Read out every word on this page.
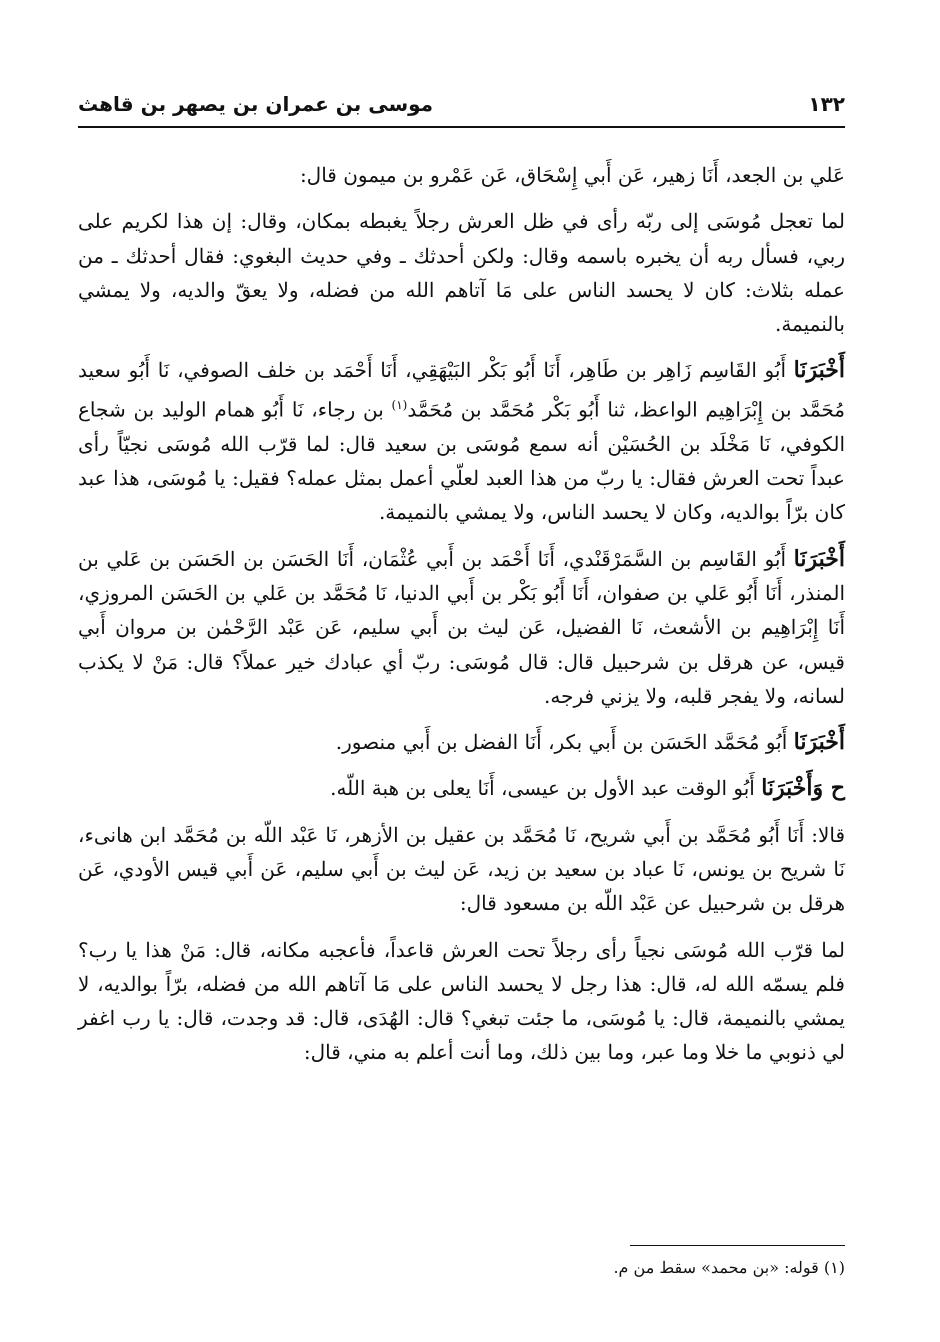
موسى بن عمران بن يصهر بن قاهث	١٣٢

عَلي بن الجعد، أَنَا زهير، عَن أَبي إِسْحَاق، عَن عَمْرو بن ميمون قال:

لما تعجل مُوسَى إلى ربّه رأى في ظل العرش رجلاً يغبطه بمكان، وقال: إن هذا لكريم على ربي، فسأل ربه أن يخبره باسمه وقال: ولكن أحدثك ـ وفي حديث البغوي: فقال أحدثك ـ من عمله بثلاث: كان لا يحسد الناس على مَا آتاهم الله من فضله، ولا يعقّ والديه، ولا يمشي بالنميمة.

أَخْبَرَنَا أَبُو القَاسِم زَاهِر بن طَاهِر، أَنَا أَبُو بَكْر البَيْهَقِي، أَنَا أَحْمَد بن خلف الصوفي، نَا أَبُو سعيد مُحَمَّد بن إِبْرَاهِيم الواعظ، ثنا أَبُو بَكْر مُحَمَّد بن مُحَمَّد$^{(١)}$ بن رجاء، نَا أَبُو همام الوليد بن شجاع الكوفي، نَا مَخْلَد بن الحُسَيْن أنه سمع مُوسَى بن سعيد قال: لما قرّب الله مُوسَى نجيّاً رأى عبداً تحت العرش فقال: يا ربّ من هذا العبد لعلّي أعمل بمثل عمله؟ فقيل: يا مُوسَى، هذا عبد كان برّاً بوالديه، وكان لا يحسد الناس، ولا يمشي بالنميمة.

أَخْبَرَنَا أَبُو القَاسِم بن السَّمَرْقَنْدي، أَنَا أَحْمَد بن أَبي عُثْمَان، أَنَا الحَسَن بن الحَسَن بن عَلي بن المنذر، أَنَا أَبُو عَلي بن صفوان، أَنَا أَبُو بَكْر بن أَبي الدنيا، نَا مُحَمَّد بن عَلي بن الحَسَن المروزي، أَنَا إِبْرَاهِيم بن الأشعث، نَا الفضيل، عَن ليث بن أَبي سليم، عَن عَبْد الرَّحْمٰن بن مروان أَبي قيس، عن هرقل بن شرحبيل قال: قال مُوسَى: ربّ أي عبادك خير عملاً؟ قال: مَنْ لا يكذب لسانه، ولا يفجر قلبه، ولا يزني فرجه.

أَخْبَرَنَا أَبُو مُحَمَّد الحَسَن بن أَبي بكر، أَنَا الفضل بن أَبي منصور.

ح وَأَخْبَرَنَا أَبُو الوقت عبد الأول بن عيسى، أَنَا يعلى بن هبة اللّه.

قالا: أَنَا أَبُو مُحَمَّد بن أَبي شريح، نَا مُحَمَّد بن عقيل بن الأزهر، نَا عَبْد اللّه بن مُحَمَّد ابن هانىء، نَا شريح بن يونس، نَا عباد بن سعيد بن زيد، عَن ليث بن أَبي سليم، عَن أَبي قيس الأودي، عَن هرقل بن شرحبيل عن عَبْد اللّه بن مسعود قال:

لما قرّب الله مُوسَى نجياً رأى رجلاً تحت العرش قاعداً، فأعجبه مكانه، قال: مَنْ هذا يا رب؟ فلم يسمّه الله له، قال: هذا رجل لا يحسد الناس على مَا آتاهم الله من فضله، برّاً بوالديه، لا يمشي بالنميمة، قال: يا مُوسَى، ما جئت تبغي؟ قال: الهُدَى، قال: قد وجدت، قال: يا رب اغفر لي ذنوبي ما خلا وما عبر، وما بين ذلك، وما أنت أعلم به مني، قال:

(١) قوله: «بن محمد» سقط من م.
